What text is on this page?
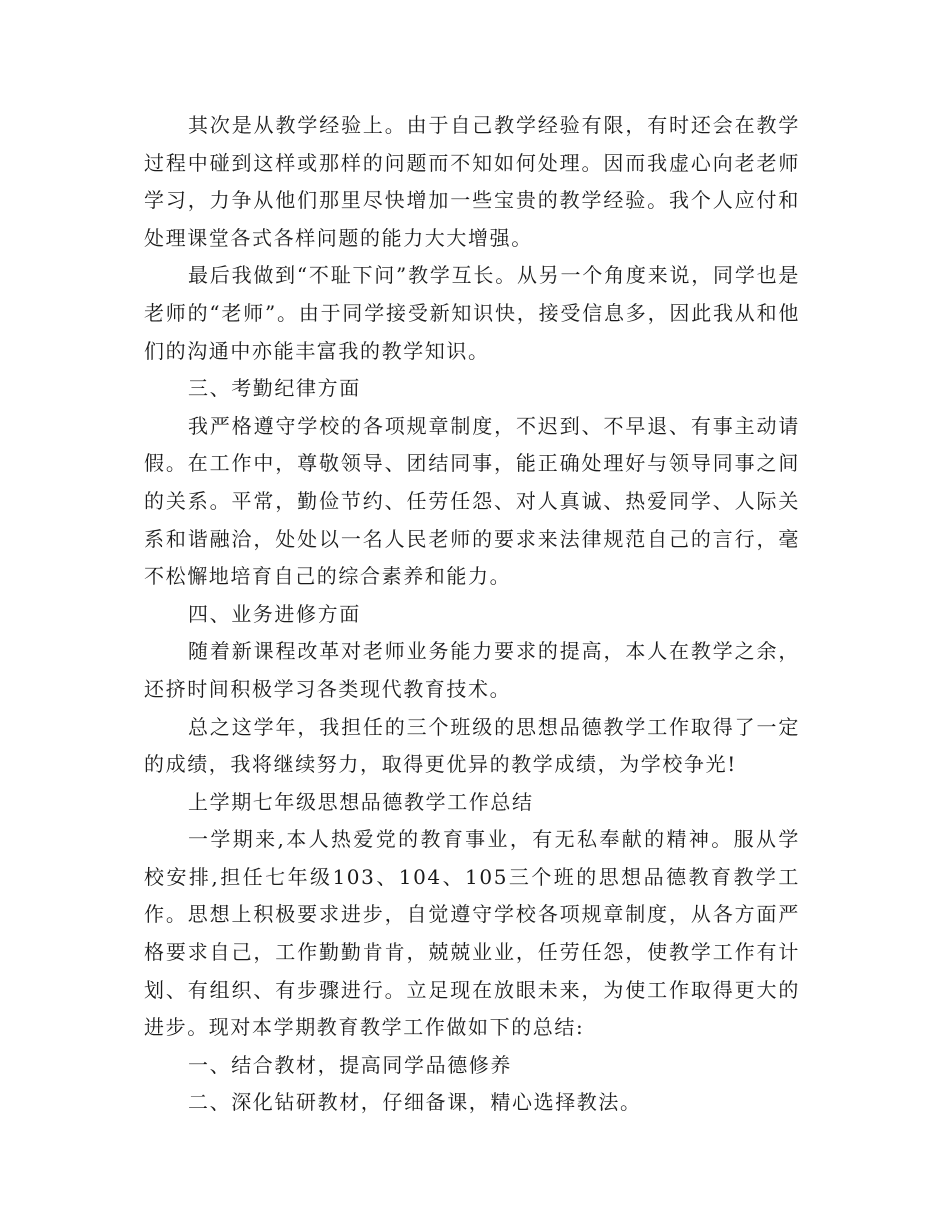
其次是从教学经验上。由于自己教学经验有限，有时还会在教学过程中碰到这样或那样的问题而不知如何处理。因而我虚心向老老师学习，力争从他们那里尽快增加一些宝贵的教学经验。我个人应付和处理课堂各式各样问题的能力大大增强。

最后我做到“不耻下问”教学互长。从另一个角度来说，同学也是老师的“老师”。由于同学接受新知识快，接受信息多，因此我从和他们的沟通中亦能丰富我的教学知识。

三、考勤纪律方面

我严格遵守学校的各项规章制度，不迟到、不早退、有事主动请假。在工作中，尊敬领导、团结同事，能正确处理好与领导同事之间的关系。平常，勤俭节约、任劳任怨、对人真诚、热爱同学、人际关系和谐融洽，处处以一名人民老师的要求来法律规范自己的言行，毫不松懈地培育自己的综合素养和能力。

四、业务进修方面

随着新课程改革对老师业务能力要求的提高，本人在教学之余，还挤时间积极学习各类现代教育技术。

总之这学年，我担任的三个班级的思想品德教学工作取得了一定的成绩，我将继续努力，取得更优异的教学成绩，为学校争光!

上学期七年级思想品德教学工作总结

一学期来,本人热爱党的教育事业，有无私奉献的精神。服从学校安排,担任七年级103、104、105三个班的思想品德教育教学工作。思想上积极要求进步，自觉遵守学校各项规章制度，从各方面严格要求自己，工作勤勤肯肯，兢兢业业，任劳任怨，使教学工作有计划、有组织、有步骤进行。立足现在放眼未来，为使工作取得更大的进步。现对本学期教育教学工作做如下的总结:

一、结合教材，提高同学品德修养

二、深化钻研教材，仔细备课，精心选择教法。
